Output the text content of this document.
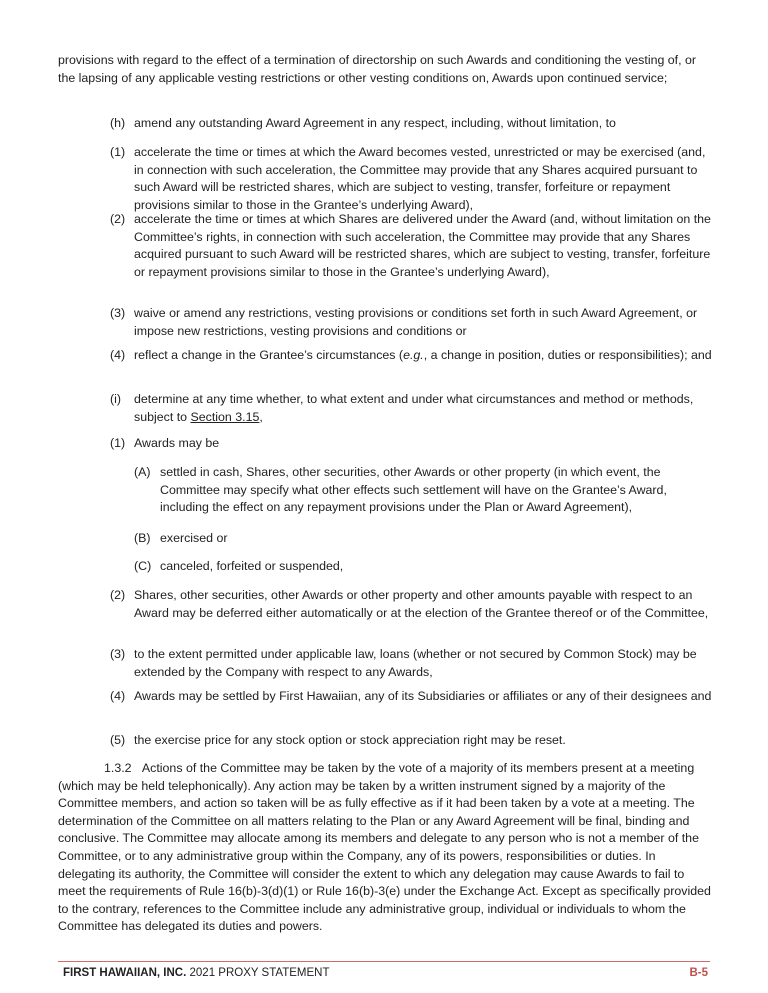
provisions with regard to the effect of a termination of directorship on such Awards and conditioning the vesting of, or the lapsing of any applicable vesting restrictions or other vesting conditions on, Awards upon continued service;
(h) amend any outstanding Award Agreement in any respect, including, without limitation, to
(1) accelerate the time or times at which the Award becomes vested, unrestricted or may be exercised (and, in connection with such acceleration, the Committee may provide that any Shares acquired pursuant to such Award will be restricted shares, which are subject to vesting, transfer, forfeiture or repayment provisions similar to those in the Grantee’s underlying Award),
(2) accelerate the time or times at which Shares are delivered under the Award (and, without limitation on the Committee’s rights, in connection with such acceleration, the Committee may provide that any Shares acquired pursuant to such Award will be restricted shares, which are subject to vesting, transfer, forfeiture or repayment provisions similar to those in the Grantee’s underlying Award),
(3) waive or amend any restrictions, vesting provisions or conditions set forth in such Award Agreement, or impose new restrictions, vesting provisions and conditions or
(4) reflect a change in the Grantee’s circumstances (e.g., a change in position, duties or responsibilities); and
(i) determine at any time whether, to what extent and under what circumstances and method or methods, subject to Section 3.15,
(1) Awards may be
(A) settled in cash, Shares, other securities, other Awards or other property (in which event, the Committee may specify what other effects such settlement will have on the Grantee’s Award, including the effect on any repayment provisions under the Plan or Award Agreement),
(B) exercised or
(C) canceled, forfeited or suspended,
(2) Shares, other securities, other Awards or other property and other amounts payable with respect to an Award may be deferred either automatically or at the election of the Grantee thereof or of the Committee,
(3) to the extent permitted under applicable law, loans (whether or not secured by Common Stock) may be extended by the Company with respect to any Awards,
(4) Awards may be settled by First Hawaiian, any of its Subsidiaries or affiliates or any of their designees and
(5) the exercise price for any stock option or stock appreciation right may be reset.
1.3.2 Actions of the Committee may be taken by the vote of a majority of its members present at a meeting (which may be held telephonically). Any action may be taken by a written instrument signed by a majority of the Committee members, and action so taken will be as fully effective as if it had been taken by a vote at a meeting. The determination of the Committee on all matters relating to the Plan or any Award Agreement will be final, binding and conclusive. The Committee may allocate among its members and delegate to any person who is not a member of the Committee, or to any administrative group within the Company, any of its powers, responsibilities or duties. In delegating its authority, the Committee will consider the extent to which any delegation may cause Awards to fail to meet the requirements of Rule 16(b)-3(d)(1) or Rule 16(b)-3(e) under the Exchange Act. Except as specifically provided to the contrary, references to the Committee include any administrative group, individual or individuals to whom the Committee has delegated its duties and powers.
FIRST HAWAIIAN, INC. 2021 PROXY STATEMENT	B-5
